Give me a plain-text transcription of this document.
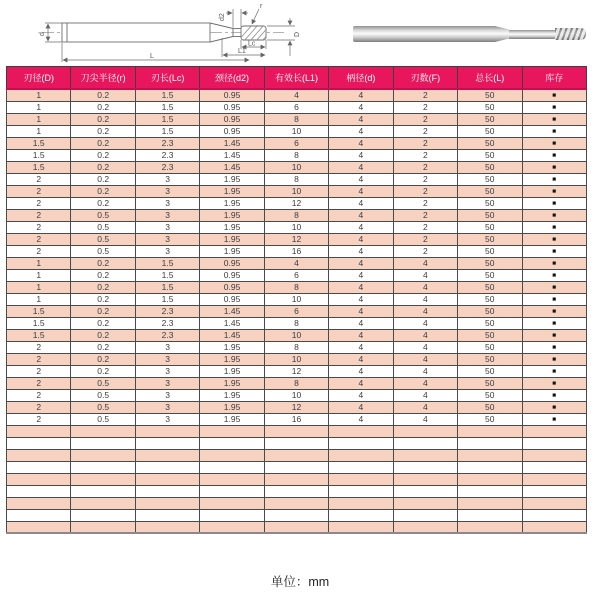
d
d2
r
D
Lc
L1
L
刃径(D)	刀尖半径(r)	刃长(Lc)	颈径(d2)	有效长(L1)	柄径(d)	刃数(F)	总长(L)	库存
1	0.2	1.5	0.95	4	4	2	50	■
1	0.2	1.5	0.95	6	4	2	50	■
1	0.2	1.5	0.95	8	4	2	50	■
1	0.2	1.5	0.95	10	4	2	50	■
1.5	0.2	2.3	1.45	6	4	2	50	■
1.5	0.2	2.3	1.45	8	4	2	50	■
1.5	0.2	2.3	1.45	10	4	2	50	■
2	0.2	3	1.95	8	4	2	50	■
2	0.2	3	1.95	10	4	2	50	■
2	0.2	3	1.95	12	4	2	50	■
2	0.5	3	1.95	8	4	2	50	■
2	0.5	3	1.95	10	4	2	50	■
2	0.5	3	1.95	12	4	2	50	■
2	0.5	3	1.95	16	4	2	50	■
1	0.2	1.5	0.95	4	4	4	50	■
1	0.2	1.5	0.95	6	4	4	50	■
1	0.2	1.5	0.95	8	4	4	50	■
1	0.2	1.5	0.95	10	4	4	50	■
1.5	0.2	2.3	1.45	6	4	4	50	■
1.5	0.2	2.3	1.45	8	4	4	50	■
1.5	0.2	2.3	1.45	10	4	4	50	■
2	0.2	3	1.95	8	4	4	50	■
2	0.2	3	1.95	10	4	4	50	■
2	0.2	3	1.95	12	4	4	50	■
2	0.5	3	1.95	8	4	4	50	■
2	0.5	3	1.95	10	4	4	50	■
2	0.5	3	1.95	12	4	4	50	■
2	0.5	3	1.95	16	4	4	50	■

单位：mm
